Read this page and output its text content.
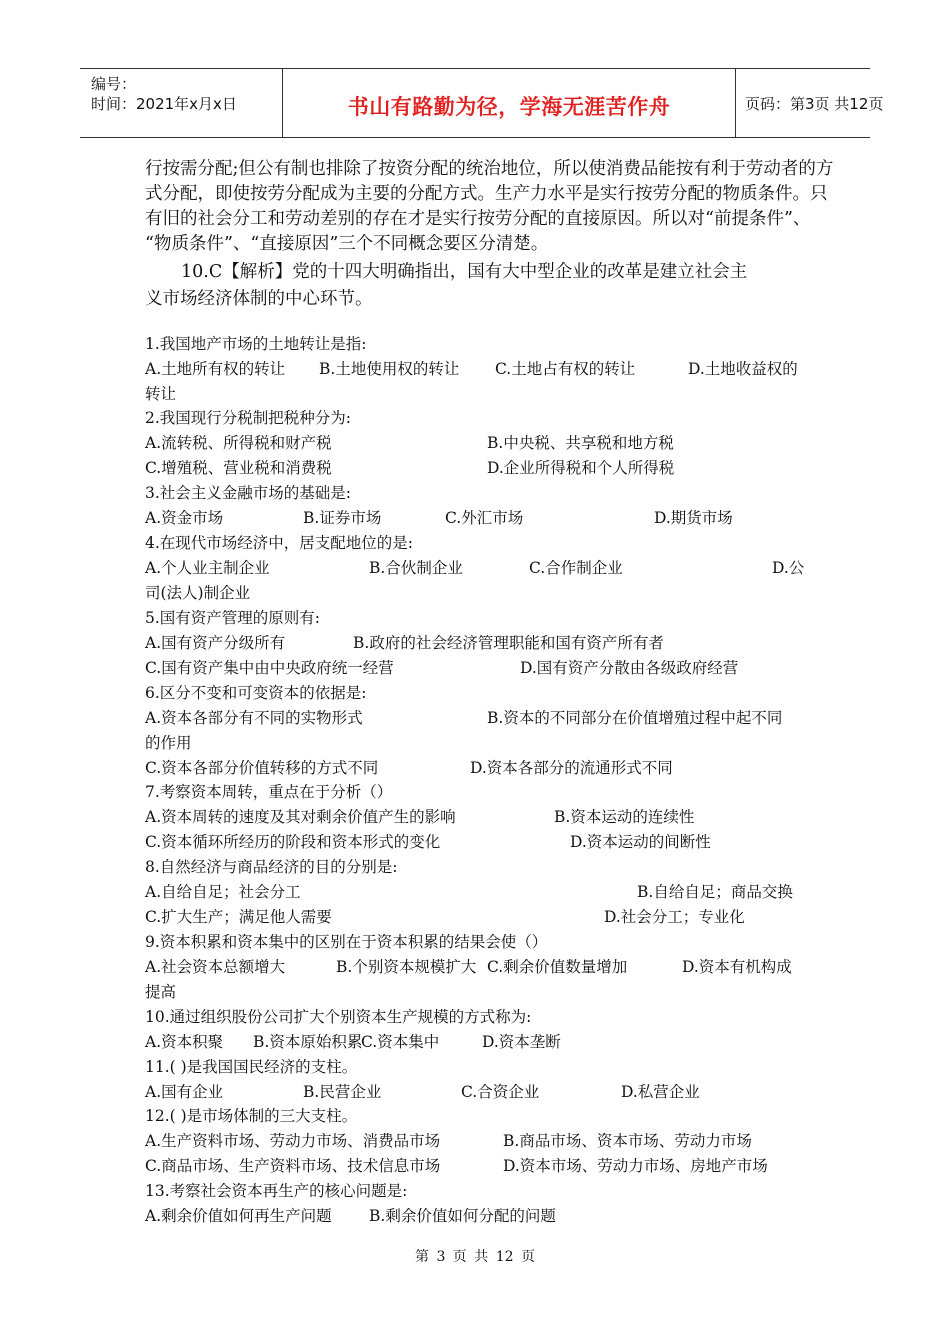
编号：
时间：2021年x月x日	书山有路勤为径，学海无涯苦作舟	页码：第3页 共12页
行按需分配;但公有制也排除了按资分配的统治地位，所以使消费品能按有利于劳动者的方
式分配，即使按劳分配成为主要的分配方式。生产力水平是实行按劳分配的物质条件。只
有旧的社会分工和劳动差别的存在才是实行按劳分配的直接原因。所以对“前提条件”、
“物质条件”、“直接原因”三个不同概念要区分清楚。
10.C【解析】党的十四大明确指出，国有大中型企业的改革是建立社会主
义市场经济体制的中心环节。
1.我国地产市场的土地转让是指:
A.土地所有权的转让 B.土地使用权的转让 C.土地占有权的转让	D.土地收益权的
转让
2.我国现行分税制把税种分为:
A.流转税、所得税和财产税	B.中央税、共享税和地方税
C.增殖税、营业税和消费税	D.企业所得税和个人所得税
3.社会主义金融市场的基础是:
A.资金市场	B.证券市场	C.外汇市场	D.期货市场
4.在现代市场经济中，居支配地位的是:
A.个人业主制企业	B.合伙制企业	C.合作制企业	D.公
司(法人)制企业
5.国有资产管理的原则有:
A.国有资产分级所有	B.政府的社会经济管理职能和国有资产所有者
C.国有资产集中由中央政府统一经营	D.国有资产分散由各级政府经营
6.区分不变和可变资本的依据是:
A.资本各部分有不同的实物形式	B.资本的不同部分在价值增殖过程中起不同
的作用
C.资本各部分价值转移的方式不同	D.资本各部分的流通形式不同
7.考察资本周转，重点在于分析（）
A.资本周转的速度及其对剩余价值产生的影响	B.资本运动的连续性
C.资本循环所经历的阶段和资本形式的变化	D.资本运动的间断性
8.自然经济与商品经济的目的分别是:
A.自给自足；社会分工	B.自给自足；商品交换
C.扩大生产；满足他人需要	D.社会分工；专业化
9.资本积累和资本集中的区别在于资本积累的结果会使（）
A.社会资本总额增大	B.个别资本规模扩大 C.剩余价值数量增加	D.资本有机构成
提高
10.通过组织股份公司扩大个别资本生产规模的方式称为:
A.资本积聚 B.资本原始积累
C.资本集中	D.资本垄断
11.( )是我国国民经济的支柱。
A.国有企业	B.民营企业	C.合资企业	D.私营企业
12.( )是市场体制的三大支柱。
A.生产资料市场、劳动力市场、消费品市场	B.商品市场、资本市场、劳动力市场
C.商品市场、生产资料市场、技术信息市场	D.资本市场、劳动力市场、房地产市场
13.考察社会资本再生产的核心问题是:
A.剩余价值如何再生产问题 B.剩余价值如何分配的问题
第 3 页 共 12 页
